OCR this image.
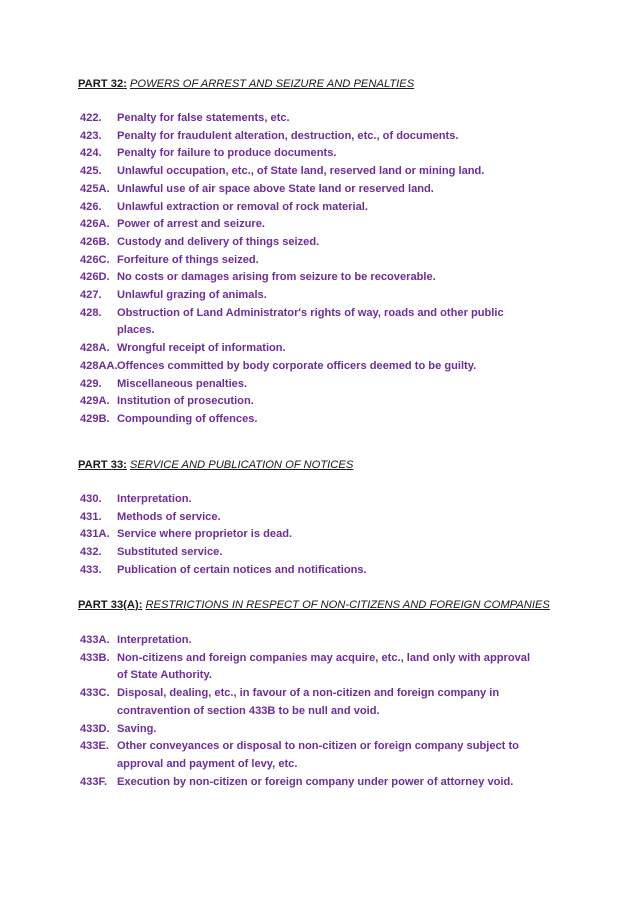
PART 32: POWERS OF ARREST AND SEIZURE AND PENALTIES
422.	Penalty for false statements, etc.
423.	Penalty for fraudulent alteration, destruction, etc., of documents.
424.	Penalty for failure to produce documents.
425.	Unlawful occupation, etc., of State land, reserved land or mining land.
425A. Unlawful use of air space above State land or reserved land.
426.	Unlawful extraction or removal of rock material.
426A. Power of arrest and seizure.
426B. Custody and delivery of things seized.
426C. Forfeiture of things seized.
426D. No costs or damages arising from seizure to be recoverable.
427.	Unlawful grazing of animals.
428.	Obstruction of Land Administrator's rights of way, roads and other public places.
428A. Wrongful receipt of information.
428AA. Offences committed by body corporate officers deemed to be guilty.
429.	Miscellaneous penalties.
429A. Institution of prosecution.
429B. Compounding of offences.
PART 33: SERVICE AND PUBLICATION OF NOTICES
430.	Interpretation.
431.	Methods of service.
431A. Service where proprietor is dead.
432.	Substituted service.
433.	Publication of certain notices and notifications.
PART 33(A): RESTRICTIONS IN RESPECT OF NON-CITIZENS AND FOREIGN COMPANIES
433A. Interpretation.
433B. Non-citizens and foreign companies may acquire, etc., land only with approval of State Authority.
433C. Disposal, dealing, etc., in favour of a non-citizen and foreign company in contravention of section 433B to be null and void.
433D. Saving.
433E. Other conveyances or disposal to non-citizen or foreign company subject to approval and payment of levy, etc.
433F. Execution by non-citizen or foreign company under power of attorney void.
